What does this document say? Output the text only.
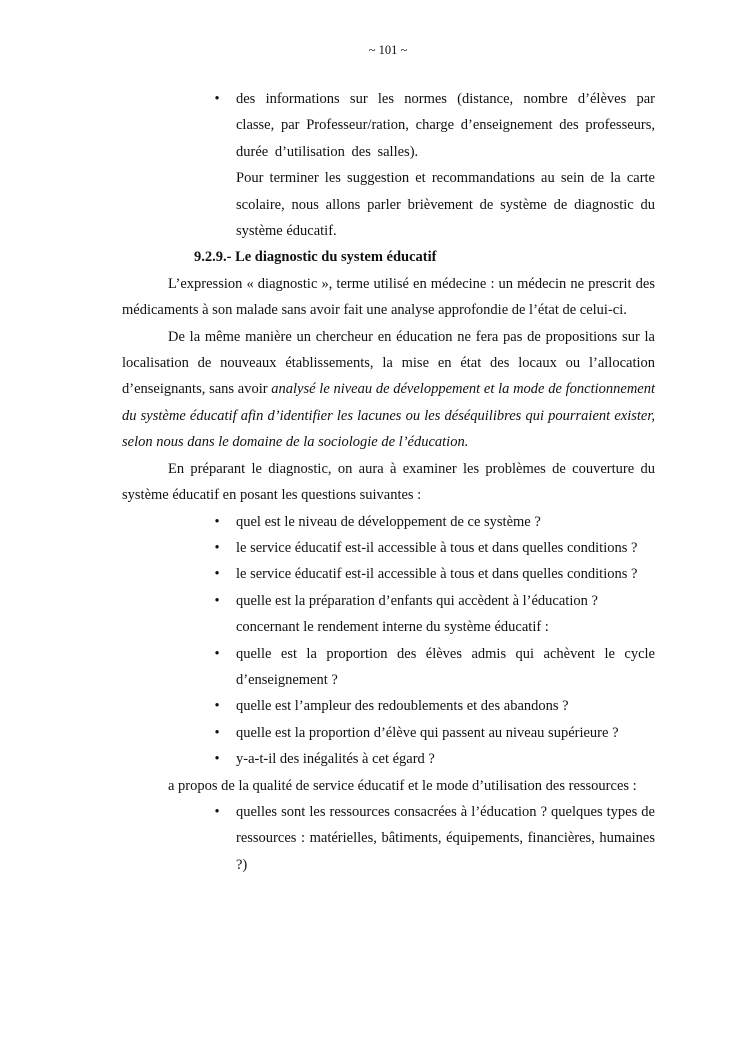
~ 101 ~
• des informations sur les normes (distance, nombre d’élèves par classe, par Professeur/ration, charge d’enseignement des professeurs, durée d’utilisation des salles).

Pour terminer les suggestion et recommandations au sein de la carte scolaire, nous allons parler brièvement de système de diagnostic du système éducatif.

9.2.9.- Le diagnostic du system éducatif

L’expression « diagnostic », terme utilisé en médecine : un médecin ne prescrit des médicaments à son malade sans avoir fait une analyse approfondie de l’état de celui-ci.

De la même manière un chercheur en éducation ne fera pas de propositions sur la localisation de nouveaux établissements, la mise en état des locaux ou l’allocation d’enseignants, sans avoir analysé le niveau de développement et la mode de fonctionnement du système éducatif afin d’identifier les lacunes ou les déséquilibres qui pourraient exister, selon nous dans le domaine de la sociologie de l’éducation.

En préparant le diagnostic, on aura à examiner les problèmes de couverture du système éducatif en posant les questions suivantes :

• quel est le niveau de développement de ce système ?
• le service éducatif est-il accessible à tous et dans quelles conditions ?
• le service éducatif est-il accessible à tous et dans quelles conditions ?
• quelle est la préparation d’enfants qui accèdent à l’éducation ?

concernant le rendement interne du système éducatif :

• quelle est la proportion des élèves admis qui achèvent le cycle d’enseignement ?
• quelle est l’ampleur des redoublements et des abandons ?
• quelle est la proportion d’élève qui passent au niveau supérieure ?
• y-a-t-il des inégalités à cet égard ?

a propos de la qualité de service éducatif et le mode d’utilisation des ressources :

• quelles sont les ressources consacrées à l’éducation ? quelques types de ressources : matérielles, bâtiments, équipements, financières, humaines ?)
